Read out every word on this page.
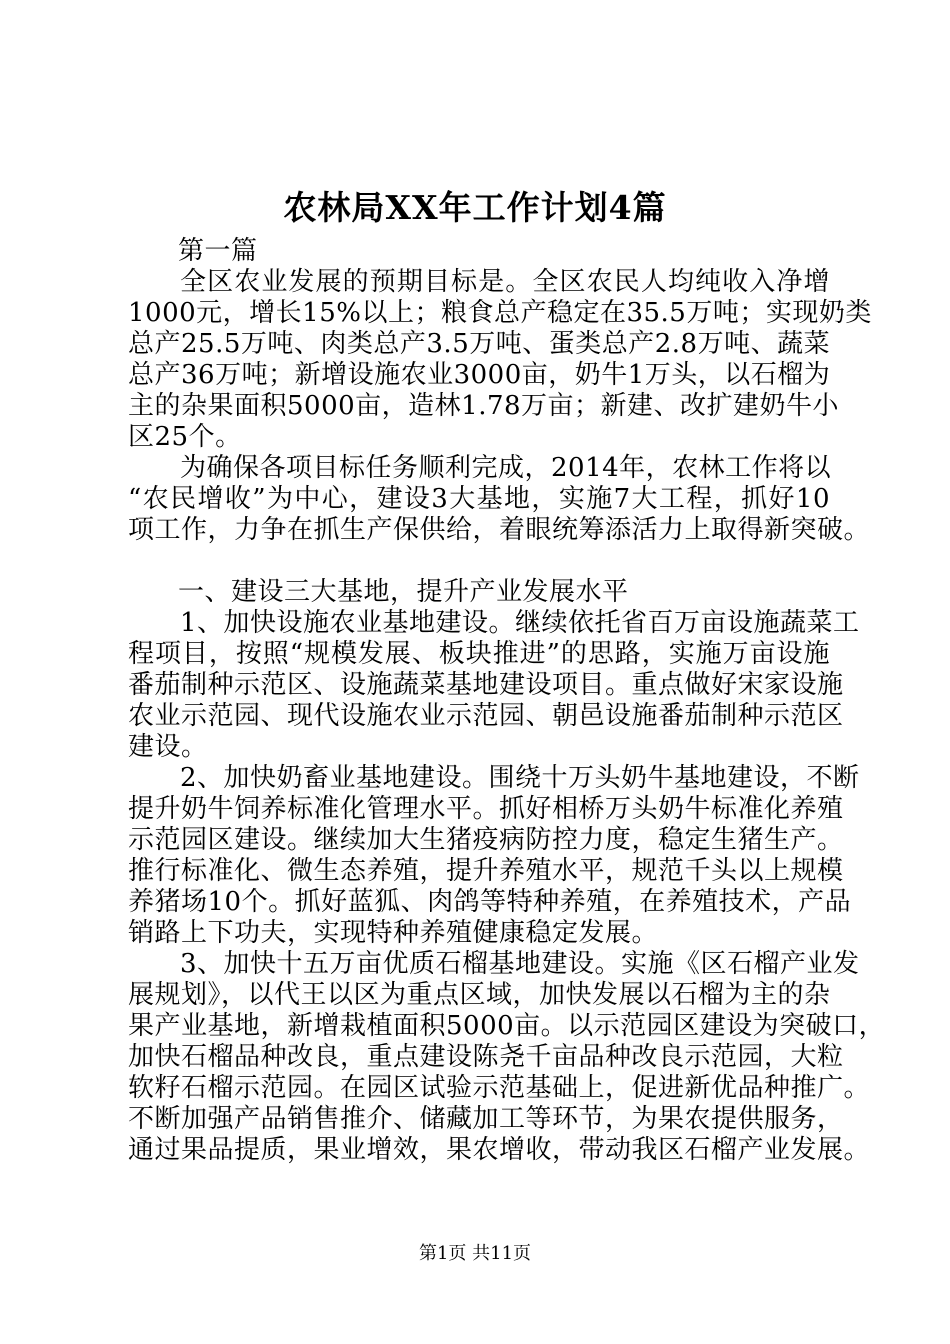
农林局XX年工作计划4篇
第一篇
全区农业发展的预期目标是。全区农民人均纯收入净增
1000元，增长15%以上；粮食总产稳定在35.5万吨；实现奶类
总产25.5万吨、肉类总产3.5万吨、蛋类总产2.8万吨、蔬菜
总产36万吨；新增设施农业3000亩，奶牛1万头，以石榴为
主的杂果面积5000亩，造林1.78万亩；新建、改扩建奶牛小
区25个。
为确保各项目标任务顺利完成，2014年，农林工作将以
“农民增收”为中心，建设3大基地，实施7大工程，抓好10
项工作，力争在抓生产保供给，着眼统筹添活力上取得新突破。
一、建设三大基地，提升产业发展水平
1、加快设施农业基地建设。继续依托省百万亩设施蔬菜工
程项目，按照“规模发展、板块推进”的思路，实施万亩设施
番茄制种示范区、设施蔬菜基地建设项目。重点做好宋家设施
农业示范园、现代设施农业示范园、朝邑设施番茄制种示范区
建设。
2、加快奶畜业基地建设。围绕十万头奶牛基地建设，不断
提升奶牛饲养标准化管理水平。抓好相桥万头奶牛标准化养殖
示范园区建设。继续加大生猪疫病防控力度，稳定生猪生产。
推行标准化、微生态养殖，提升养殖水平，规范千头以上规模
养猪场10个。抓好蓝狐、肉鸽等特种养殖，在养殖技术，产品
销路上下功夫，实现特种养殖健康稳定发展。
3、加快十五万亩优质石榴基地建设。实施《区石榴产业发
展规划》，以代王以区为重点区域，加快发展以石榴为主的杂
果产业基地，新增栽植面积5000亩。以示范园区建设为突破口，
加快石榴品种改良，重点建设陈尧千亩品种改良示范园，大粒
软籽石榴示范园。在园区试验示范基础上，促进新优品种推广。
不断加强产品销售推介、储藏加工等环节，为果农提供服务，
通过果品提质，果业增效，果农增收，带动我区石榴产业发展。
第1页 共11页
